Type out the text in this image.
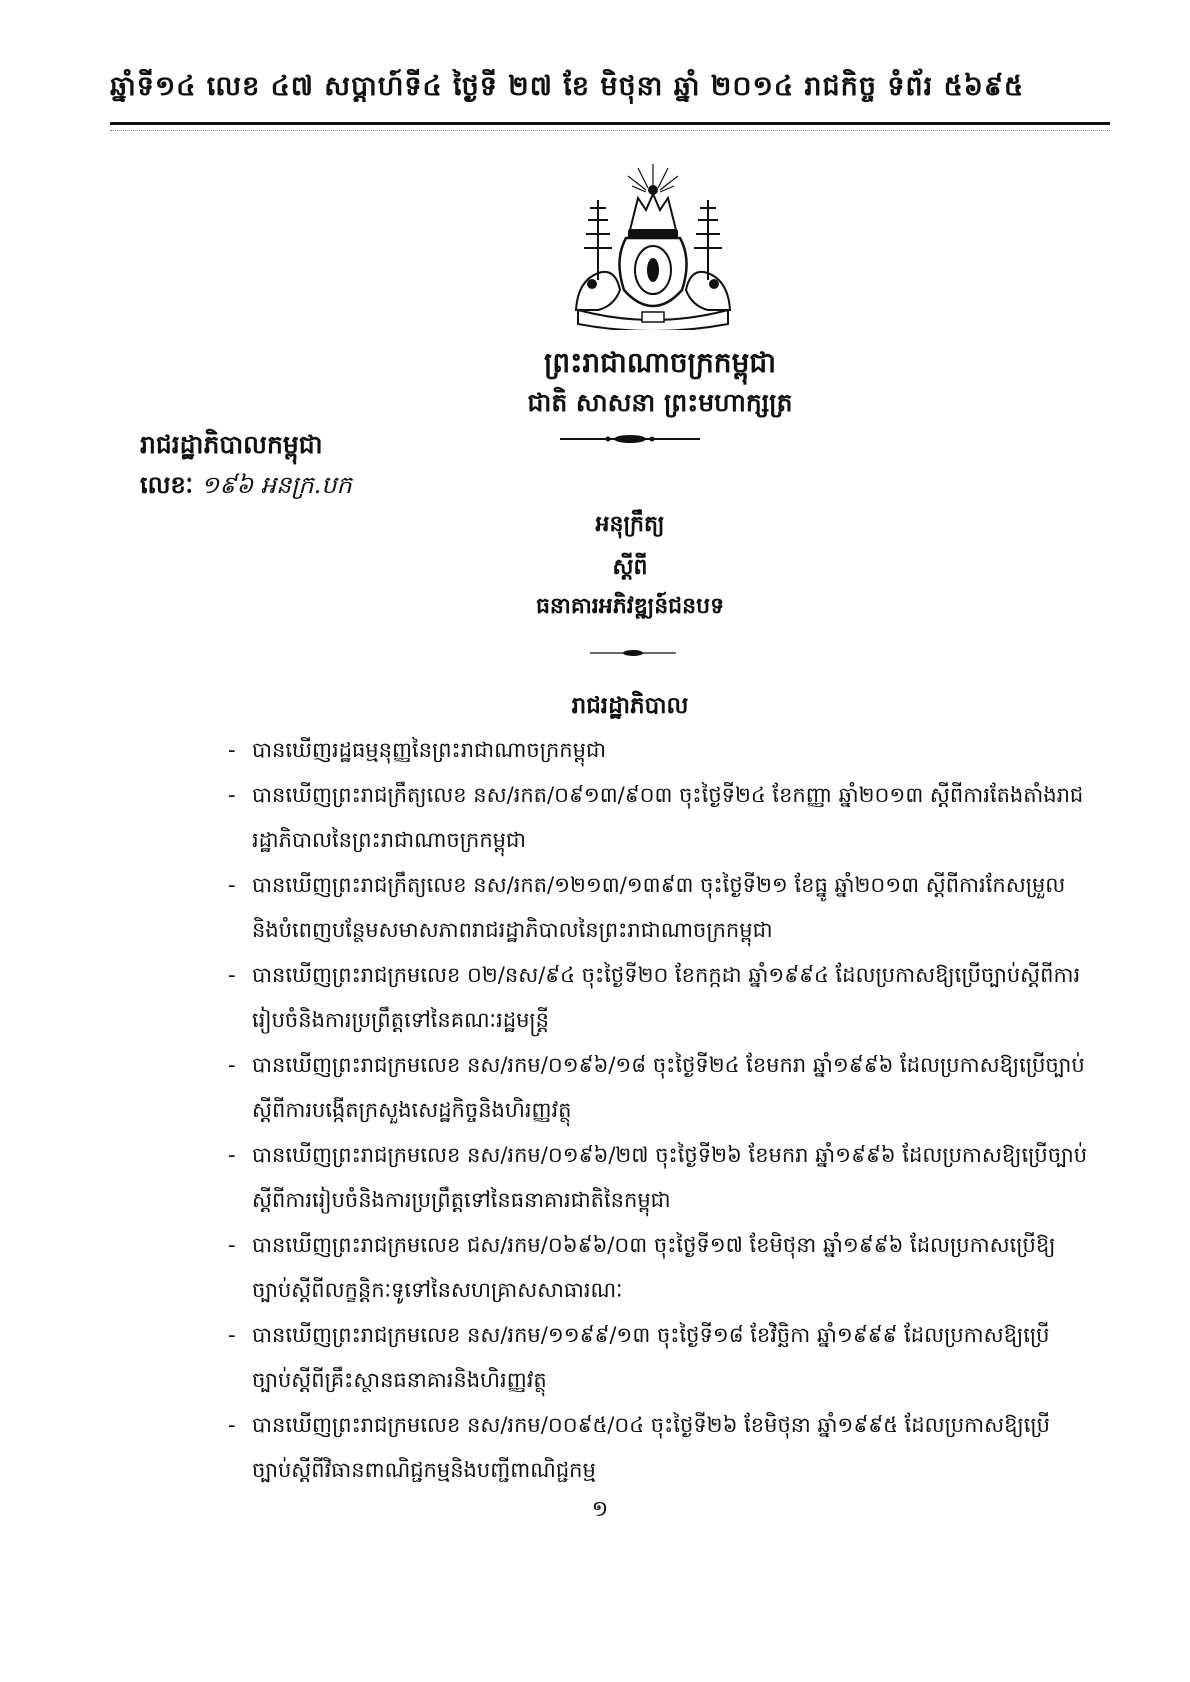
ឆ្នាំទី១៤ លេខ ៤៧ សប្តាហ៍ទី៤ ថ្ងៃទី ២៧ ខែ មិថុនា ឆ្នាំ ២០១៤ រាជកិច្ច ទំព័រ ៥៦៩៥
ព្រះរាជាណាចក្រកម្ពុជា
ជាតិ សាសនា ព្រះមហាក្សត្រ
រាជរដ្ឋាភិបាលកម្ពុជា
លេខៈ ១៩៦ អនក្រ.បក
អនុក្រឹត្យ
ស្តីពី
ធនាគារអភិវឌ្ឍន៍ជនបទ
រាជរដ្ឋាភិបាល
- បានឃើញរដ្ឋធម្មនុញ្ញនៃព្រះរាជាណាចក្រកម្ពុជា
- បានឃើញព្រះរាជក្រឹត្យលេខ នស/រកត/០៩១៣/៩០៣ ចុះថ្ងៃទី២៤ ខែកញ្ញា ឆ្នាំ២០១៣ ស្តីពីការតែងតាំងរាជរដ្ឋាភិបាលនៃព្រះរាជាណាចក្រកម្ពុជា
- បានឃើញព្រះរាជក្រឹត្យលេខ នស/រកត/១២១៣/១៣៩៣ ចុះថ្ងៃទី២១ ខែធ្នូ ឆ្នាំ២០១៣ ស្តីពីការកែសម្រួលនិងបំពេញបន្ថែមសមាសភាពរាជរដ្ឋាភិបាលនៃព្រះរាជាណាចក្រកម្ពុជា
- បានឃើញព្រះរាជក្រមលេខ ០២/នស/៩៤ ចុះថ្ងៃទី២០ ខែកក្កដា ឆ្នាំ១៩៩៤ ដែលប្រកាសឱ្យប្រើច្បាប់ស្តីពីការរៀបចំនិងការប្រព្រឹត្តទៅនៃគណៈរដ្ឋមន្ត្រី
- បានឃើញព្រះរាជក្រមលេខ នស/រកម/០១៩៦/១៨ ចុះថ្ងៃទី២៤ ខែមករា ឆ្នាំ១៩៩៦ ដែលប្រកាសឱ្យប្រើច្បាប់ស្តីពីការបង្កើតក្រសួងសេដ្ឋកិច្ចនិងហិរញ្ញវត្ថុ
- បានឃើញព្រះរាជក្រមលេខ នស/រកម/០១៩៦/២៧ ចុះថ្ងៃទី២៦ ខែមករា ឆ្នាំ១៩៩៦ ដែលប្រកាសឱ្យប្រើច្បាប់ស្តីពីការរៀបចំនិងការប្រព្រឹត្តទៅនៃធនាគារជាតិនៃកម្ពុជា
- បានឃើញព្រះរាជក្រមលេខ ជស/រកម/០៦៩៦/០៣ ចុះថ្ងៃទី១៧ ខែមិថុនា ឆ្នាំ១៩៩៦ ដែលប្រកាសប្រើឱ្យច្បាប់ស្តីពីលក្ខន្តិកៈទូទៅនៃសហគ្រាសសាធារណៈ
- បានឃើញព្រះរាជក្រមលេខ នស/រកម/១១៩៩/១៣ ចុះថ្ងៃទី១៨ ខែវិច្ឆិកា ឆ្នាំ១៩៩៩ ដែលប្រកាសឱ្យប្រើច្បាប់ស្តីពីគ្រឹះស្ថានធនាគារនិងហិរញ្ញវត្ថុ
- បានឃើញព្រះរាជក្រមលេខ នស/រកម/០០៩៥/០៤ ចុះថ្ងៃទី២៦ ខែមិថុនា ឆ្នាំ១៩៩៥ ដែលប្រកាសឱ្យប្រើច្បាប់ស្តីពីវិធានពាណិជ្ជកម្មនិងបញ្ជីពាណិជ្ជកម្ម
១
